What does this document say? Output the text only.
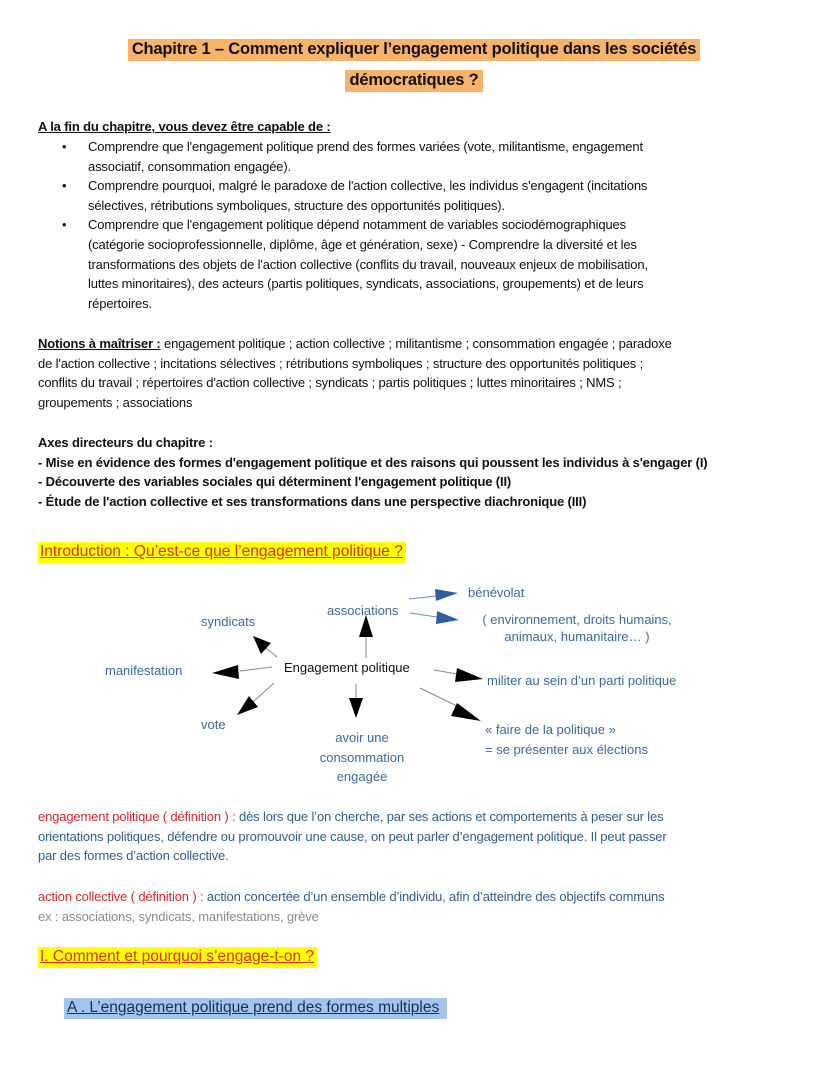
Chapitre 1 – Comment expliquer l’engagement politique dans les sociétés
démocratiques ?
A la fin du chapitre, vous devez être capable de :
• Comprendre que l'engagement politique prend des formes variées (vote, militantisme, engagement
associatif, consommation engagée).
• Comprendre pourquoi, malgré le paradoxe de l'action collective, les individus s'engagent (incitations
sélectives, rétributions symboliques, structure des opportunités politiques).
• Comprendre que l'engagement politique dépend notamment de variables sociodémographiques
(catégorie socioprofessionnelle, diplôme, âge et génération, sexe) - Comprendre la diversité et les
transformations des objets de l'action collective (conflits du travail, nouveaux enjeux de mobilisation,
luttes minoritaires), des acteurs (partis politiques, syndicats, associations, groupements) et de leurs
répertoires.
Notions à maîtriser : engagement politique ; action collective ; militantisme ; consommation engagée ; paradoxe
de l'action collective ; incitations sélectives ; rétributions symboliques ; structure des opportunités politiques ;
conflits du travail ; répertoires d'action collective ; syndicats ; partis politiques ; luttes minoritaires ; NMS ;
groupements ; associations
Axes directeurs du chapitre :
- Mise en évidence des formes d'engagement politique et des raisons qui poussent les individus à s'engager (I)
- Découverte des variables sociales qui déterminent l'engagement politique (II)
- Étude de l'action collective et ses transformations dans une perspective diachronique (III)
Introduction : Qu’est-ce que l’engagement politique ?
Engagement politique
associations
bénévolat
( environnement, droits humains,
animaux, humanitaire… )
syndicats
manifestation
militer au sein d’un parti politique
vote
avoir une
consommation
engagée
« faire de la politique »
= se présenter aux élections
engagement politique ( définition ) : dès lors que l’on cherche, par ses actions et comportements à peser sur les
orientations politiques, défendre ou promouvoir une cause, on peut parler d’engagement politique. Il peut passer
par des formes d’action collective.
action collective ( définition ) : action concertée d’un ensemble d’individu, afin d’atteindre des objectifs communs
ex : associations, syndicats, manifestations, grève
I. Comment et pourquoi s’engage-t-on ?
A . L’engagement politique prend des formes multiples
